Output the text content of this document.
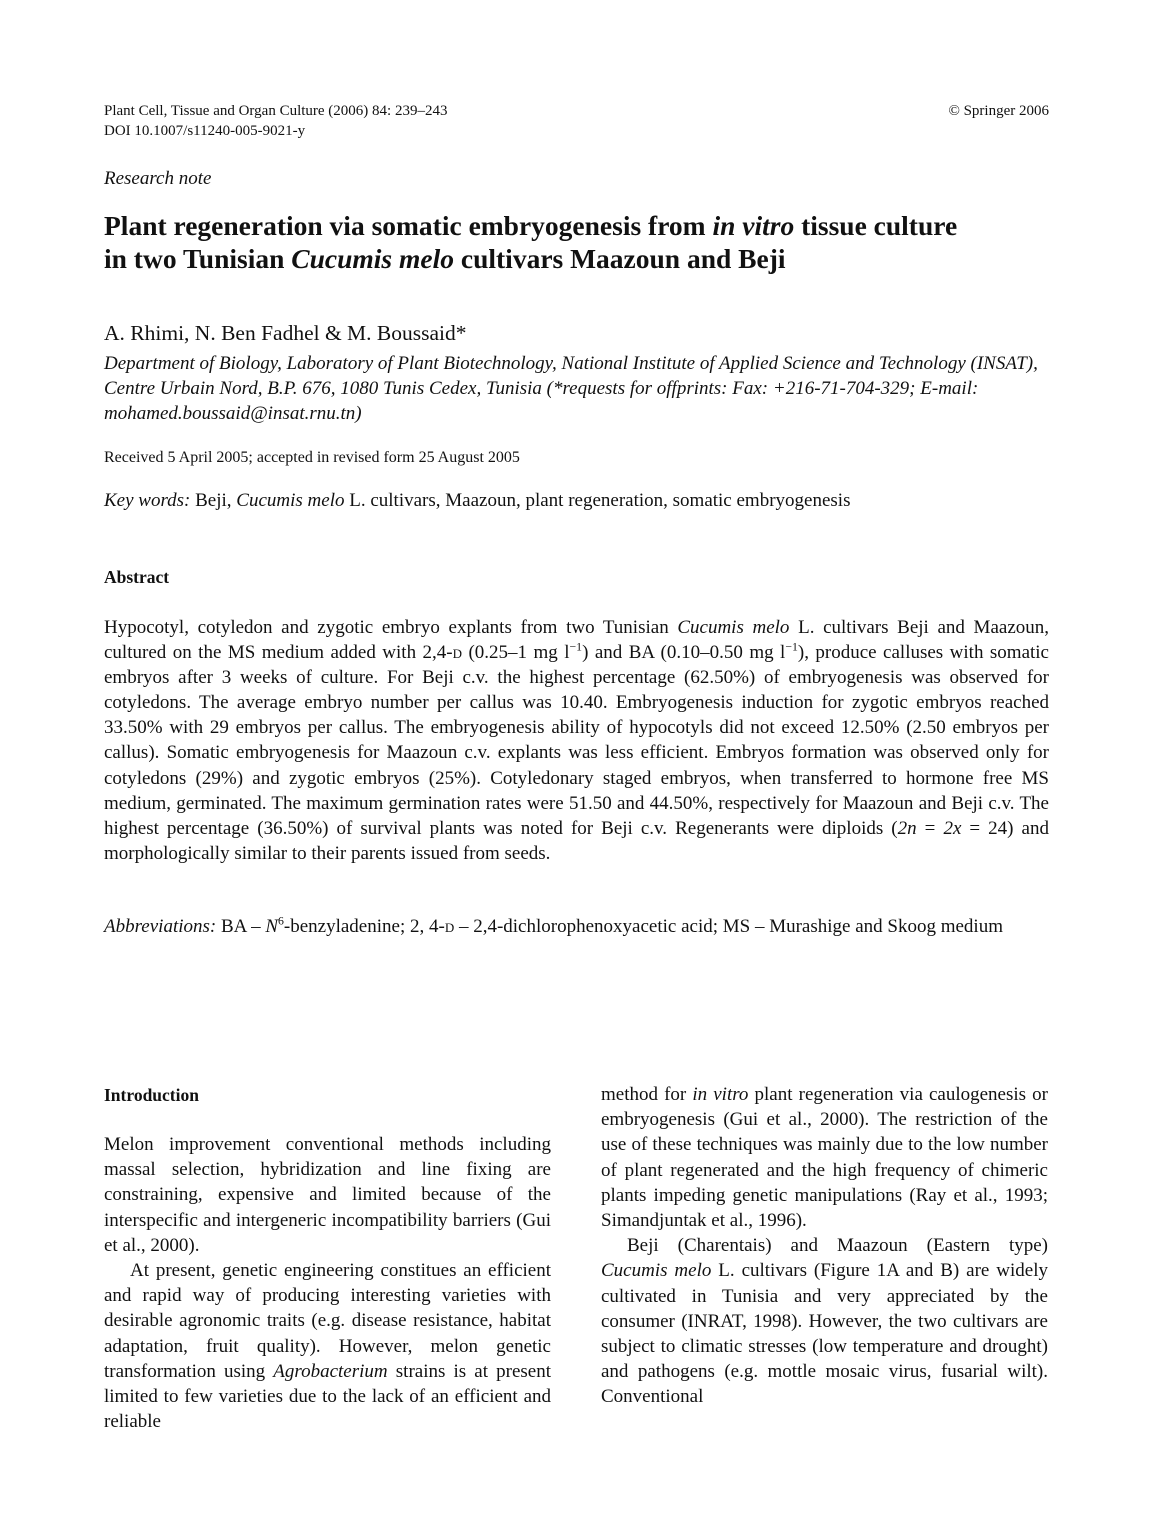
Plant Cell, Tissue and Organ Culture (2006) 84: 239–243
DOI 10.1007/s11240-005-9021-y
© Springer 2006
Research note
Plant regeneration via somatic embryogenesis from in vitro tissue culture
in two Tunisian Cucumis melo cultivars Maazoun and Beji
A. Rhimi, N. Ben Fadhel & M. Boussaid*
Department of Biology, Laboratory of Plant Biotechnology, National Institute of Applied Science and Technology (INSAT), Centre Urbain Nord, B.P. 676, 1080 Tunis Cedex, Tunisia (*requests for offprints: Fax: +216-71-704-329; E-mail: mohamed.boussaid@insat.rnu.tn)
Received 5 April 2005; accepted in revised form 25 August 2005
Key words: Beji, Cucumis melo L. cultivars, Maazoun, plant regeneration, somatic embryogenesis
Abstract
Hypocotyl, cotyledon and zygotic embryo explants from two Tunisian Cucumis melo L. cultivars Beji and Maazoun, cultured on the MS medium added with 2,4-d (0.25–1 mg $l^{-1}$) and BA (0.10–0.50 mg $l^{-1}$), produce calluses with somatic embryos after 3 weeks of culture. For Beji c.v. the highest percentage (62.50%) of embryogenesis was observed for cotyledons. The average embryo number per callus was 10.40. Embryogenesis induction for zygotic embryos reached 33.50% with 29 embryos per callus. The embryogenesis ability of hypocotyls did not exceed 12.50% (2.50 embryos per callus). Somatic embryogenesis for Maazoun c.v. explants was less efficient. Embryos formation was observed only for cotyledons (29%) and zygotic embryos (25%). Cotyledonary staged embryos, when transferred to hormone free MS medium, germinated. The maximum germination rates were 51.50 and 44.50%, respectively for Maazoun and Beji c.v. The highest percentage (36.50%) of survival plants was noted for Beji c.v. Regenerants were diploids (2n = 2x = 24) and morphologically similar to their parents issued from seeds.
Abbreviations: BA – $N^6$-benzyladenine; 2, 4-d – 2,4-dichlorophenoxyacetic acid; MS – Murashige and Skoog medium
Introduction

Melon improvement conventional methods including massal selection, hybridization and line fixing are constraining, expensive and limited because of the interspecific and intergeneric incompatibility barriers (Gui et al., 2000).

At present, genetic engineering constitues an efficient and rapid way of producing interesting varieties with desirable agronomic traits (e.g. disease resistance, habitat adaptation, fruit quality). However, melon genetic transformation using Agrobacterium strains is at present limited to few varieties due to the lack of an efficient and reliable

method for in vitro plant regeneration via caulogenesis or embryogenesis (Gui et al., 2000). The restriction of the use of these techniques was mainly due to the low number of plant regenerated and the high frequency of chimeric plants impeding genetic manipulations (Ray et al., 1993; Simandjuntak et al., 1996).

Beji (Charentais) and Maazoun (Eastern type) Cucumis melo L. cultivars (Figure 1A and B) are widely cultivated in Tunisia and very appreciated by the consumer (INRAT, 1998). However, the two cultivars are subject to climatic stresses (low temperature and drought) and pathogens (e.g. mottle mosaic virus, fusarial wilt). Conventional
